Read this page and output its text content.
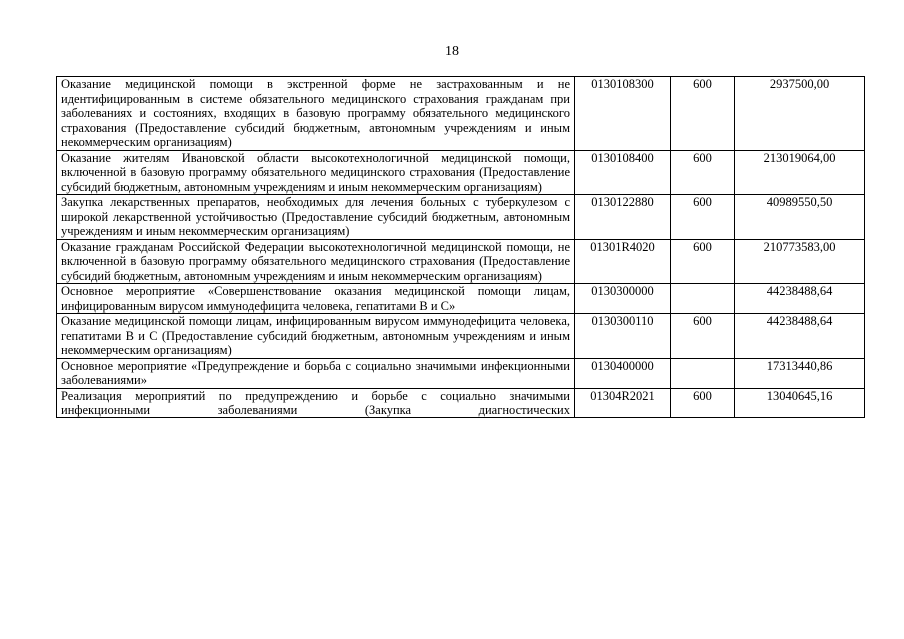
18
Оказание медицинской помощи в экстренной форме не застрахованным и не идентифицированным в системе обязательного медицинского страхования гражданам при заболеваниях и состояниях, входящих в базовую программу обязательного медицинского страхования (Предоставление субсидий бюджетным, автономным учреждениям и иным некоммерческим организациям)	0130108300	600	2937500,00
Оказание жителям Ивановской области высокотехнологичной медицинской помощи, включенной в базовую программу обязательного медицинского страхования (Предоставление субсидий бюджетным, автономным учреждениям и иным некоммерческим организациям)	0130108400	600	213019064,00
Закупка лекарственных препаратов, необходимых для лечения больных с туберкулезом с широкой лекарственной устойчивостью (Предоставление субсидий бюджетным, автономным учреждениям и иным некоммерческим организациям)	0130122880	600	40989550,50
Оказание гражданам Российской Федерации высокотехнологичной медицинской помощи, не включенной в базовую программу обязательного медицинского страхования (Предоставление субсидий бюджетным, автономным учреждениям и иным некоммерческим организациям)	01301R4020	600	210773583,00
Основное мероприятие «Совершенствование оказания медицинской помощи лицам, инфицированным вирусом иммунодефицита человека, гепатитами В и С»	0130300000		44238488,64
Оказание медицинской помощи лицам, инфицированным вирусом иммунодефицита человека, гепатитами В и С (Предоставление субсидий бюджетным, автономным учреждениям и иным некоммерческим организациям)	0130300110	600	44238488,64
Основное мероприятие «Предупреждение и борьба с социально значимыми инфекционными заболеваниями»	0130400000		17313440,86

Реализация мероприятий по предупреждению и борьбе с социально значимыми инфекционными заболеваниями (Закупка диагностических	01304R2021	600	13040645,16
